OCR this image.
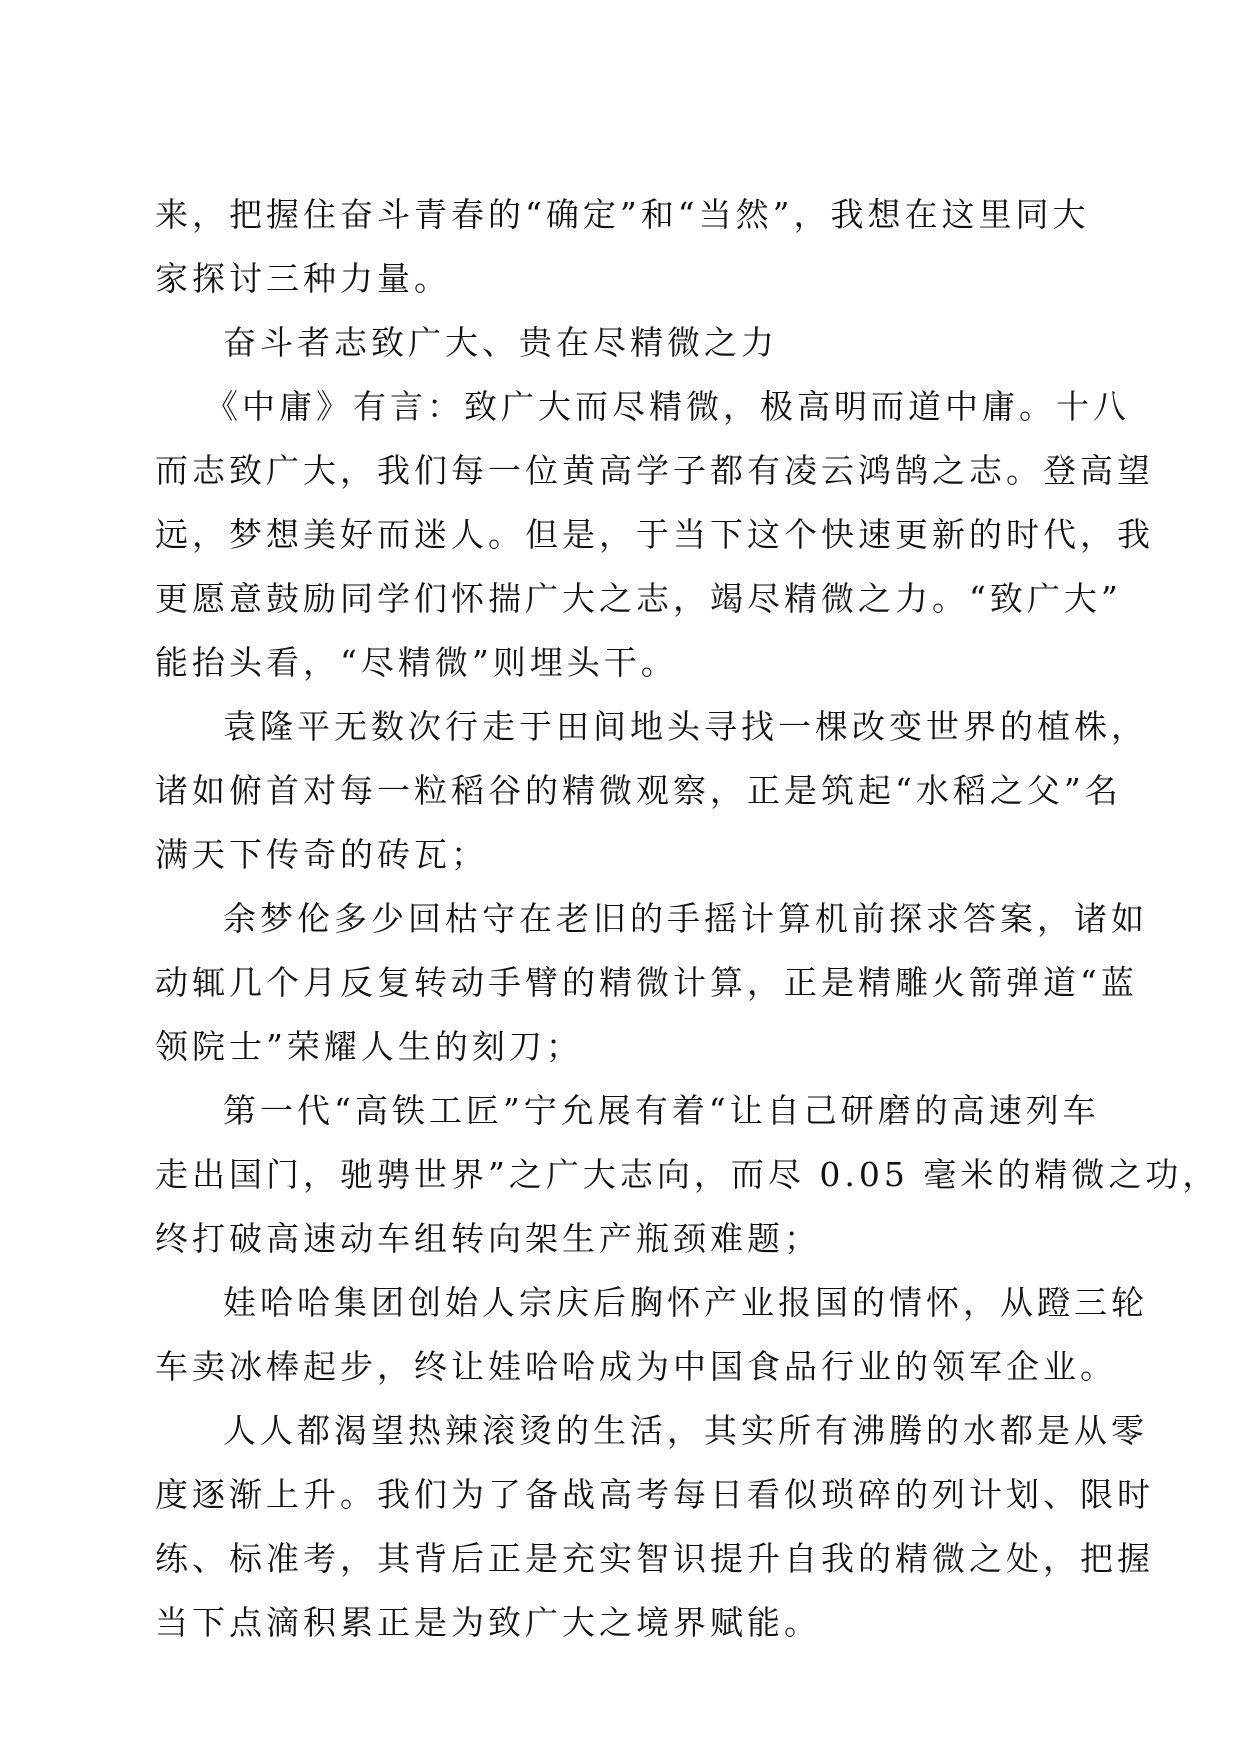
来，把握住奋斗青春的“确定”和“当然”，我想在这里同大
家探讨三种力量。
奋斗者志致广大、贵在尽精微之力
《中庸》有言：致广大而尽精微，极高明而道中庸。十八
而志致广大，我们每一位黄高学子都有凌云鸿鹄之志。登高望
远，梦想美好而迷人。但是，于当下这个快速更新的时代，我
更愿意鼓励同学们怀揣广大之志，竭尽精微之力。“致广大”
能抬头看，“尽精微”则埋头干。
袁隆平无数次行走于田间地头寻找一棵改变世界的植株，
诸如俯首对每一粒稻谷的精微观察，正是筑起“水稻之父”名
满天下传奇的砖瓦；
余梦伦多少回枯守在老旧的手摇计算机前探求答案，诸如
动辄几个月反复转动手臂的精微计算，正是精雕火箭弹道“蓝
领院士”荣耀人生的刻刀；
第一代“高铁工匠”宁允展有着“让自己研磨的高速列车
走出国门，驰骋世界”之广大志向，而尽 0.05 毫米的精微之功，
终打破高速动车组转向架生产瓶颈难题；
娃哈哈集团创始人宗庆后胸怀产业报国的情怀，从蹬三轮
车卖冰棒起步，终让娃哈哈成为中国食品行业的领军企业。
人人都渴望热辣滚烫的生活，其实所有沸腾的水都是从零
度逐渐上升。我们为了备战高考每日看似琐碎的列计划、限时
练、标准考，其背后正是充实智识提升自我的精微之处，把握
当下点滴积累正是为致广大之境界赋能。
